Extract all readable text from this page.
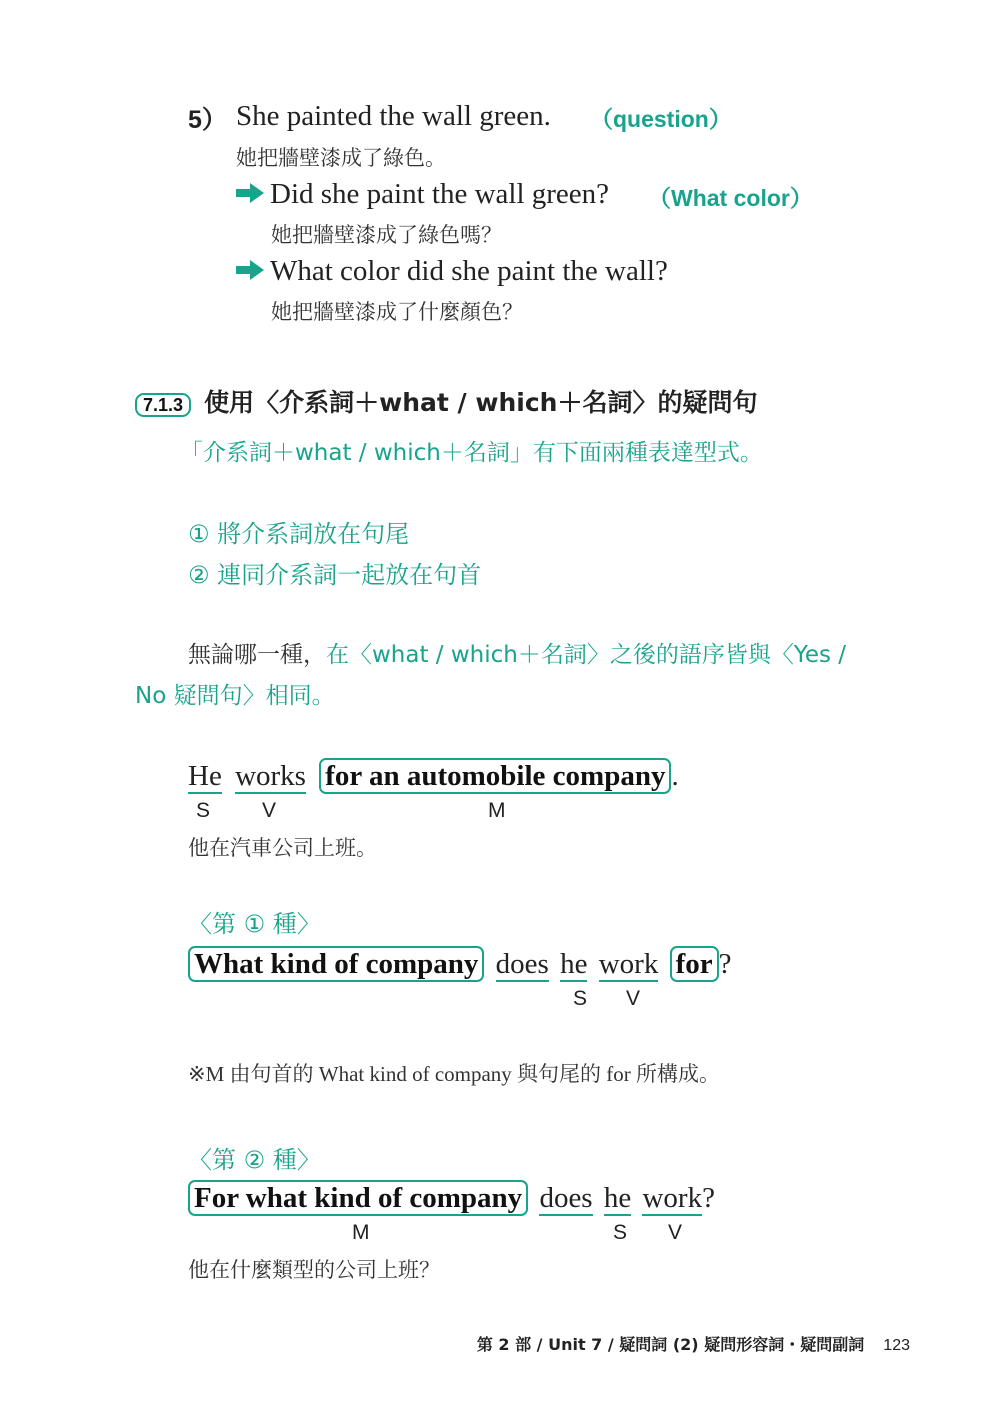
5） She painted the wall green. （question）
她把牆壁漆成了綠色。
Did she paint the wall green? （What color）
她把牆壁漆成了綠色嗎？
What color did she paint the wall?
她把牆壁漆成了什麼顏色？
7.1.3 使用〈介系詞＋what / which＋名詞〉的疑問句
「介系詞＋what / which＋名詞」有下面兩種表達型式。
① 將介系詞放在句尾
② 連同介系詞一起放在句首
無論哪一種，在〈what / which＋名詞〉之後的語序皆與〈Yes /
No 疑問句〉相同。
He works for an automobile company .
S V	M
他在汽車公司上班。
〈第 ① 種〉
What kind of company does he work for ?
S V
※M 由句首的 What kind of company 與句尾的 for 所構成。
〈第 ② 種〉
For what kind of company does he work?
M	S V
他在什麼類型的公司上班？
第 2 部 / Unit 7 / 疑問詞 (2) 疑問形容詞・疑問副詞 123
